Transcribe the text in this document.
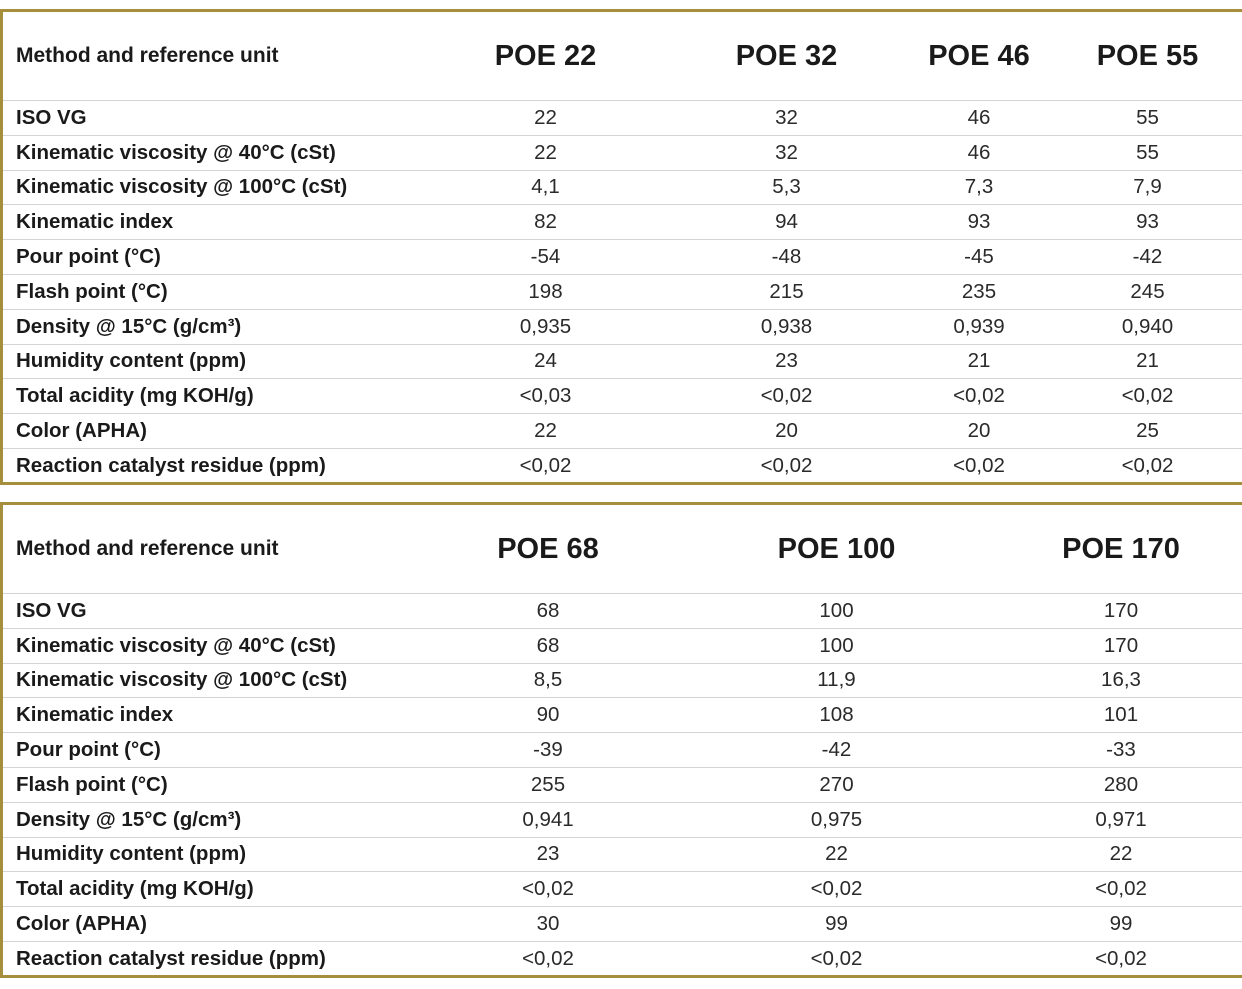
Method and reference unit	POE 22	POE 32	POE 46	POE 55
ISO VG	22	32	46	55
Kinematic viscosity @ 40°C (cSt)	22	32	46	55
Kinematic viscosity @ 100°C (cSt)	4,1	5,3	7,3	7,9
Kinematic index	82	94	93	93
Pour point (°C)	-54	-48	-45	-42
Flash point (°C)	198	215	235	245
Density @ 15°C (g/cm³)	0,935	0,938	0,939	0,940
Humidity content (ppm)	24	23	21	21
Total acidity (mg KOH/g)	<0,03	<0,02	<0,02	<0,02
Color (APHA)	22	20	20	25
Reaction catalyst residue (ppm)	<0,02	<0,02	<0,02	<0,02
Method and reference unit	POE 68	POE 100	POE 170
ISO VG	68	100	170
Kinematic viscosity @ 40°C (cSt)	68	100	170
Kinematic viscosity @ 100°C (cSt)	8,5	11,9	16,3
Kinematic index	90	108	101
Pour point (°C)	-39	-42	-33
Flash point (°C)	255	270	280
Density @ 15°C (g/cm³)	0,941	0,975	0,971
Humidity content (ppm)	23	22	22
Total acidity (mg KOH/g)	<0,02	<0,02	<0,02
Color (APHA)	30	99	99
Reaction catalyst residue (ppm)	<0,02	<0,02	<0,02
